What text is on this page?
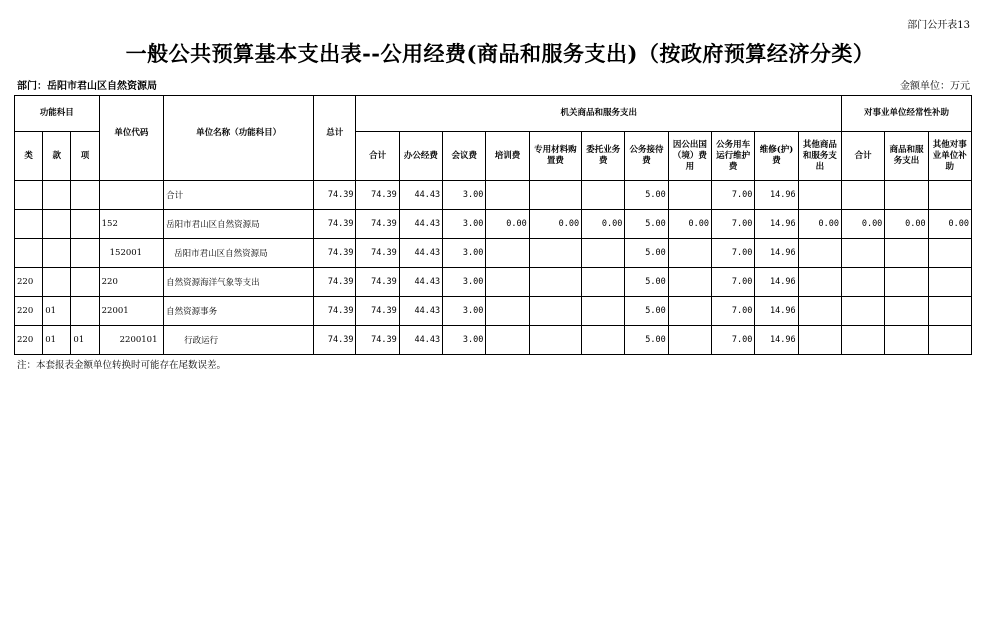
部门公开表13
一般公共预算基本支出表--公用经费(商品和服务支出)（按政府预算经济分类）
部门：岳阳市君山区自然资源局	金额单位：万元
功能科目			单位代码	单位名称（功能科目）	总计	机关商品和服务支出											对事业单位经常性补助		
类	款	项				合计	办公经费	会议费	培训费	专用材料购置费	委托业务费	公务接待费	因公出国（境）费用	公务用车运行维护费	维修(护)费	其他商品和服务支出	合计	商品和服务支出	其他对事业单位补助
				合计	74.39	74.39	44.43	3.00				5.00		7.00	14.96				
			152	岳阳市君山区自然资源局	74.39	74.39	44.43	3.00	0.00	0.00	0.00	5.00	0.00	7.00	14.96	0.00	0.00	0.00	0.00
			152001	岳阳市君山区自然资源局	74.39	74.39	44.43	3.00				5.00		7.00	14.96				
220			220	自然资源海洋气象等支出	74.39	74.39	44.43	3.00				5.00		7.00	14.96				
220	01		22001	自然资源事务	74.39	74.39	44.43	3.00				5.00		7.00	14.96				
220	01	01	2200101	行政运行	74.39	74.39	44.43	3.00				5.00		7.00	14.96				
注：本套报表金额单位转换时可能存在尾数误差。
